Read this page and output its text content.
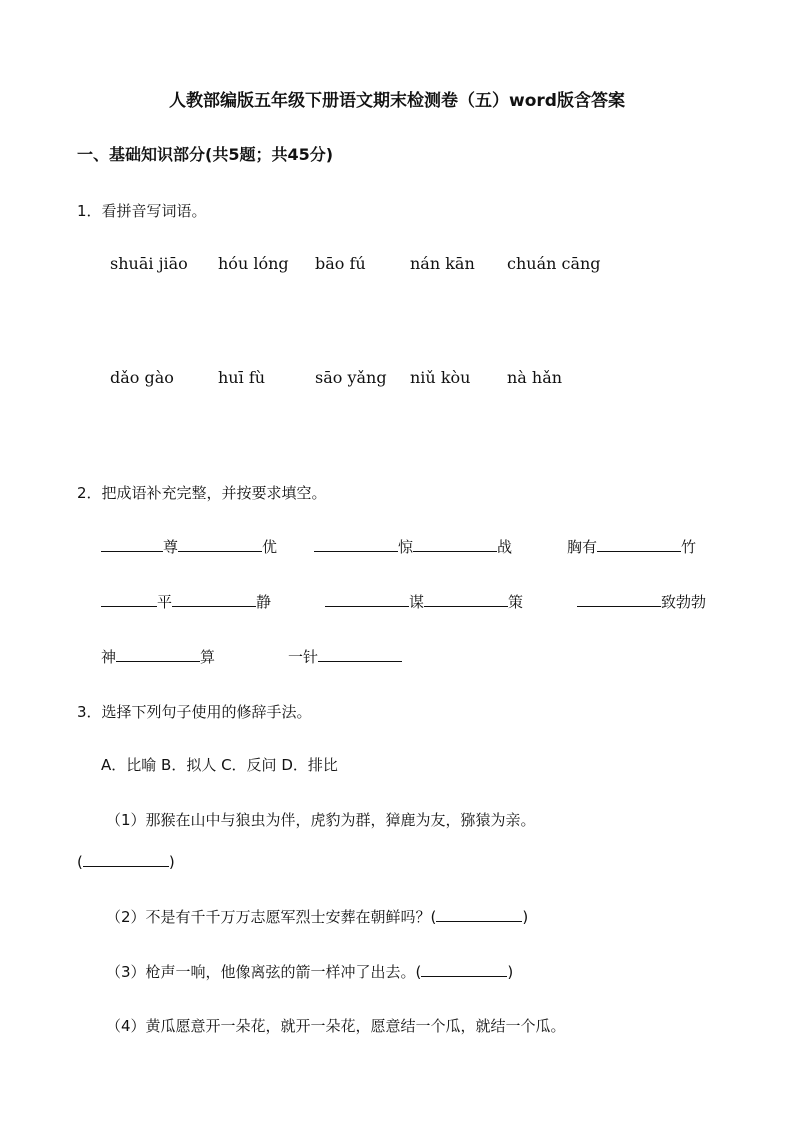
人教部编版五年级下册语文期末检测卷（五）word版含答案
一、基础知识部分(共5题；共45分)
1．看拼音写词语。
shuāi jiāo hóu lóng bāo fú	nán kān chuán cāng
dǎo gào	huī fù	sāo yǎng niǔ kòu nà hǎn
2．把成语补充完整，并按要求填空。
尊	优	惊	战	胸有	竹
平	静	谋	策	致勃勃
神	算	一针
3．选择下列句子使用的修辞手法。
A．比喻 B．拟人 C．反问 D．排比
（1）那猴在山中与狼虫为伴，虎豹为群，獐鹿为友，猕猿为亲。
(	)
（2）不是有千千万万志愿军烈士安葬在朝鲜吗？(	)
（3）枪声一响，他像离弦的箭一样冲了出去。(	)
（4）黄瓜愿意开一朵花，就开一朵花，愿意结一个瓜，就结一个瓜。
